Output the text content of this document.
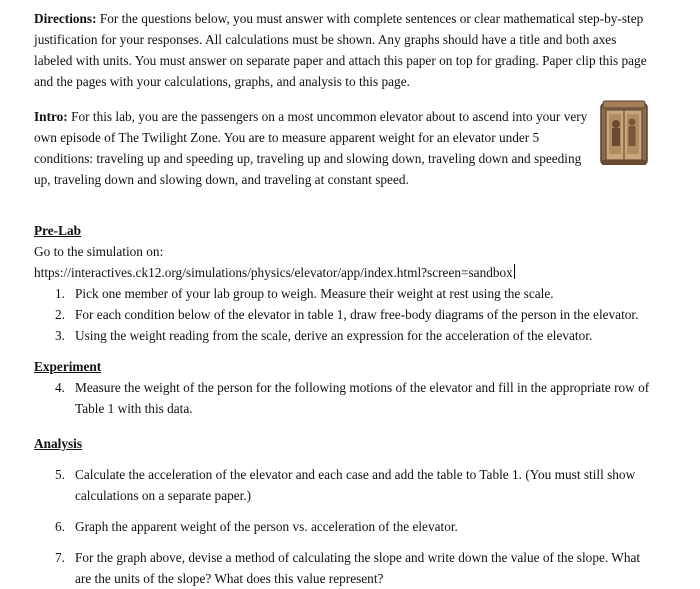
Directions: For the questions below, you must answer with complete sentences or clear mathematical step-by-step justification for your responses. All calculations must be shown. Any graphs should have a title and both axes labeled with units. You must answer on separate paper and attach this paper on top for grading. Paper clip this page and the pages with your calculations, graphs, and analysis to this page.

Intro: For this lab, you are the passengers on a most uncommon elevator about to ascend into your very own episode of The Twilight Zone. You are to measure apparent weight for an elevator under 5 conditions: traveling up and speeding up, traveling up and slowing down, traveling down and speeding up, traveling down and slowing down, and traveling at constant speed.

Pre-Lab
Go to the simulation on:
https://interactives.ck12.org/simulations/physics/elevator/app/index.html?screen=sandbox
1. Pick one member of your lab group to weigh. Measure their weight at rest using the scale.
2. For each condition below of the elevator in table 1, draw free-body diagrams of the person in the elevator.
3. Using the weight reading from the scale, derive an expression for the acceleration of the elevator.
Experiment
4. Measure the weight of the person for the following motions of the elevator and fill in the appropriate row of Table 1 with this data.
Analysis
5. Calculate the acceleration of the elevator and each case and add the table to Table 1. (You must still show calculations on a separate paper.)
6. Graph the apparent weight of the person vs. acceleration of the elevator.
7. For the graph above, devise a method of calculating the slope and write down the value of the slope. What are the units of the slope? What does this value represent?
